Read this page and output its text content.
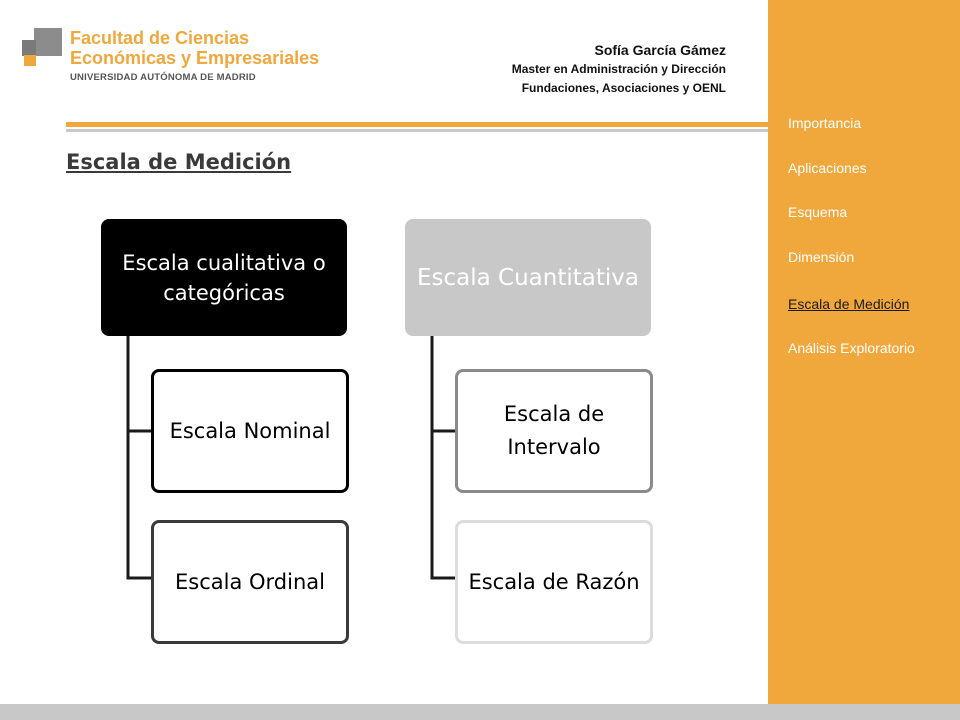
Facultad de Ciencias
Económicas y Empresariales
UNIVERSIDAD AUTÓNOMA DE MADRID
Sofía García Gámez
Master en Administración y Dirección
Fundaciones, Asociaciones y OENL
Escala de Medición
Escala cualitativa o categóricas
Escala Nominal
Escala Ordinal
Escala Cuantitativa
Escala de Intervalo
Escala de Razón
Importancia
Aplicaciones
Esquema
Dimensión
Escala de Medición
Análisis Exploratorio
